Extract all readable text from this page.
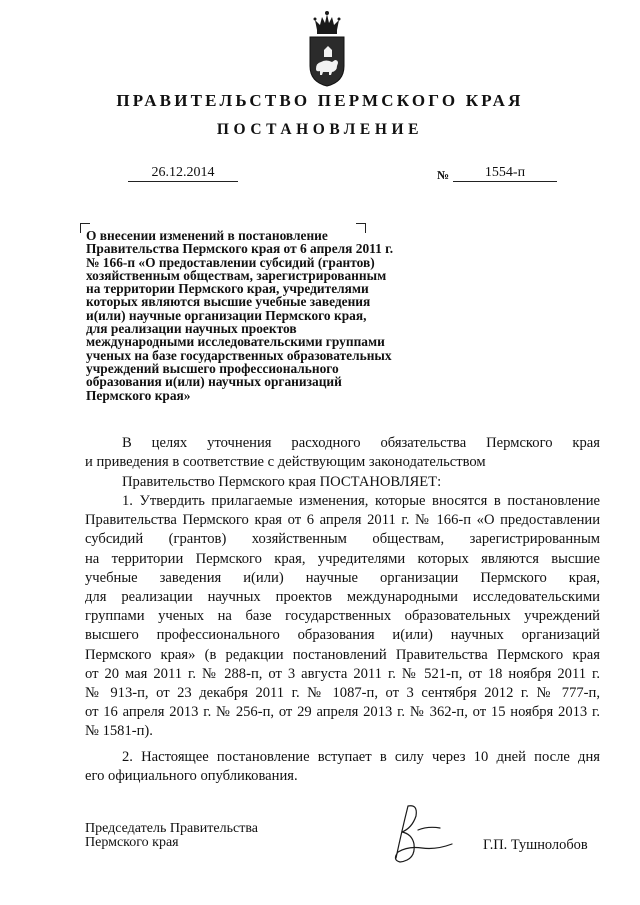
ПРАВИТЕЛЬСТВО ПЕРМСКОГО КРАЯ
ПОСТАНОВЛЕНИЕ
26.12.2014	№	1554-п
О внесении изменений в постановление
Правительства Пермского края от 6 апреля 2011 г.
№ 166-п «О предоставлении субсидий (грантов)
хозяйственным обществам, зарегистрированным
на территории Пермского края, учредителями
которых являются высшие учебные заведения
и(или) научные организации Пермского края,
для реализации научных проектов
международными исследовательскими группами
ученых на базе государственных образовательных
учреждений высшего профессионального
образования и(или) научных организаций
Пермского края»
В целях уточнения расходного обязательства Пермского края
и приведения в соответствие с действующим законодательством
Правительство Пермского края ПОСТАНОВЛЯЕТ:
1. Утвердить прилагаемые изменения, которые вносятся в постановление
Правительства Пермского края от 6 апреля 2011 г. № 166-п «О предоставлении
субсидий (грантов) хозяйственным обществам, зарегистрированным
на территории Пермского края, учредителями которых являются высшие
учебные заведения и(или) научные организации Пермского края,
для реализации научных проектов международными исследовательскими
группами ученых на базе государственных образовательных учреждений
высшего профессионального образования и(или) научных организаций
Пермского края» (в редакции постановлений Правительства Пермского края
от 20 мая 2011 г. № 288-п, от 3 августа 2011 г. № 521-п, от 18 ноября 2011 г.
№ 913-п, от 23 декабря 2011 г. № 1087-п, от 3 сентября 2012 г. № 777-п,
от 16 апреля 2013 г. № 256-п, от 29 апреля 2013 г. № 362-п, от 15 ноября 2013 г.
№ 1581-п).
2. Настоящее постановление вступает в силу через 10 дней после дня
его официального опубликования.
Председатель Правительства
Пермского края	Г.П. Тушнолобов
